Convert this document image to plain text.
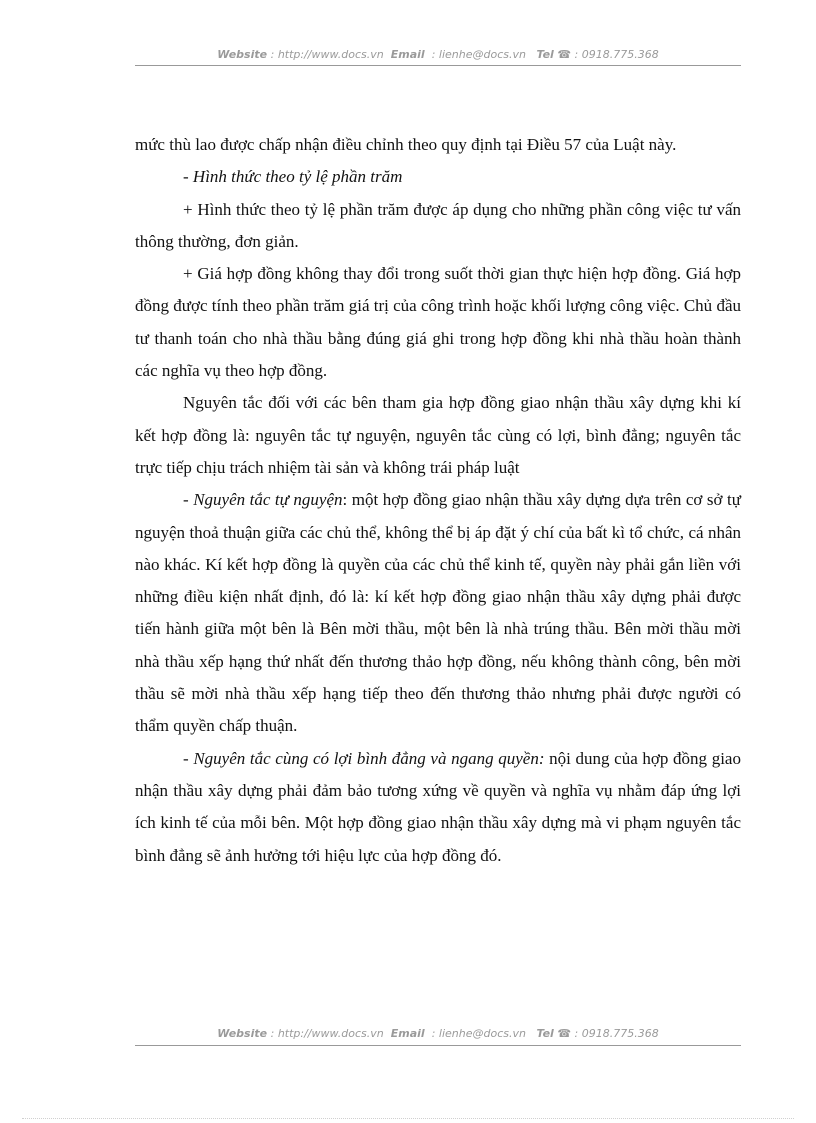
Website : http://www.docs.vn Email  : lienhe@docs.vn Tel ☎ : 0918.775.368

mức thù lao được chấp nhận điều chỉnh theo quy định tại Điều 57 của Luật này.

- Hình thức theo tỷ lệ phần trăm

+ Hình thức theo tỷ lệ phần trăm được áp dụng cho những phần công việc tư vấn thông thường, đơn giản.

+ Giá hợp đồng không thay đổi trong suốt thời gian thực hiện hợp đồng. Giá hợp đồng được tính theo phần trăm giá trị của công trình hoặc khối lượng công việc. Chủ đầu tư thanh toán cho nhà thầu bằng đúng giá ghi trong hợp đồng khi nhà thầu hoàn thành các nghĩa vụ theo hợp đồng.

Nguyên tắc đối với các bên tham gia hợp đồng giao nhận thầu xây dựng khi kí kết hợp đồng là: nguyên tắc tự nguyện, nguyên tắc cùng có lợi, bình đẳng; nguyên tắc trực tiếp chịu trách nhiệm tài sản và không trái pháp luật

- Nguyên tắc tự nguyện: một hợp đồng giao nhận thầu xây dựng dựa trên cơ sở tự nguyện thoả thuận giữa các chủ thể, không thể bị áp đặt ý chí của bất kì tổ chức, cá nhân nào khác. Kí kết hợp đồng là quyền của các chủ thể kinh tế, quyền này phải gắn liền với những điều kiện nhất định, đó là: kí kết hợp đồng giao nhận thầu xây dựng phải được tiến hành giữa một bên là Bên mời thầu, một bên là nhà trúng thầu. Bên mời thầu mời nhà thầu xếp hạng thứ nhất đến thương thảo hợp đồng, nếu không thành công, bên mời thầu sẽ mời nhà thầu xếp hạng tiếp theo đến thương thảo nhưng phải được người có thẩm quyền chấp thuận.

- Nguyên tắc cùng có lợi bình đẳng và ngang quyền: nội dung của hợp đồng giao nhận thầu xây dựng phải đảm bảo tương xứng về quyền và nghĩa vụ nhằm đáp ứng lợi ích kinh tế của mỗi bên. Một hợp đồng giao nhận thầu xây dựng mà vi phạm nguyên tắc bình đẳng sẽ ảnh hưởng tới hiệu lực của hợp đồng đó.

Website : http://www.docs.vn Email  : lienhe@docs.vn Tel ☎ : 0918.775.368
